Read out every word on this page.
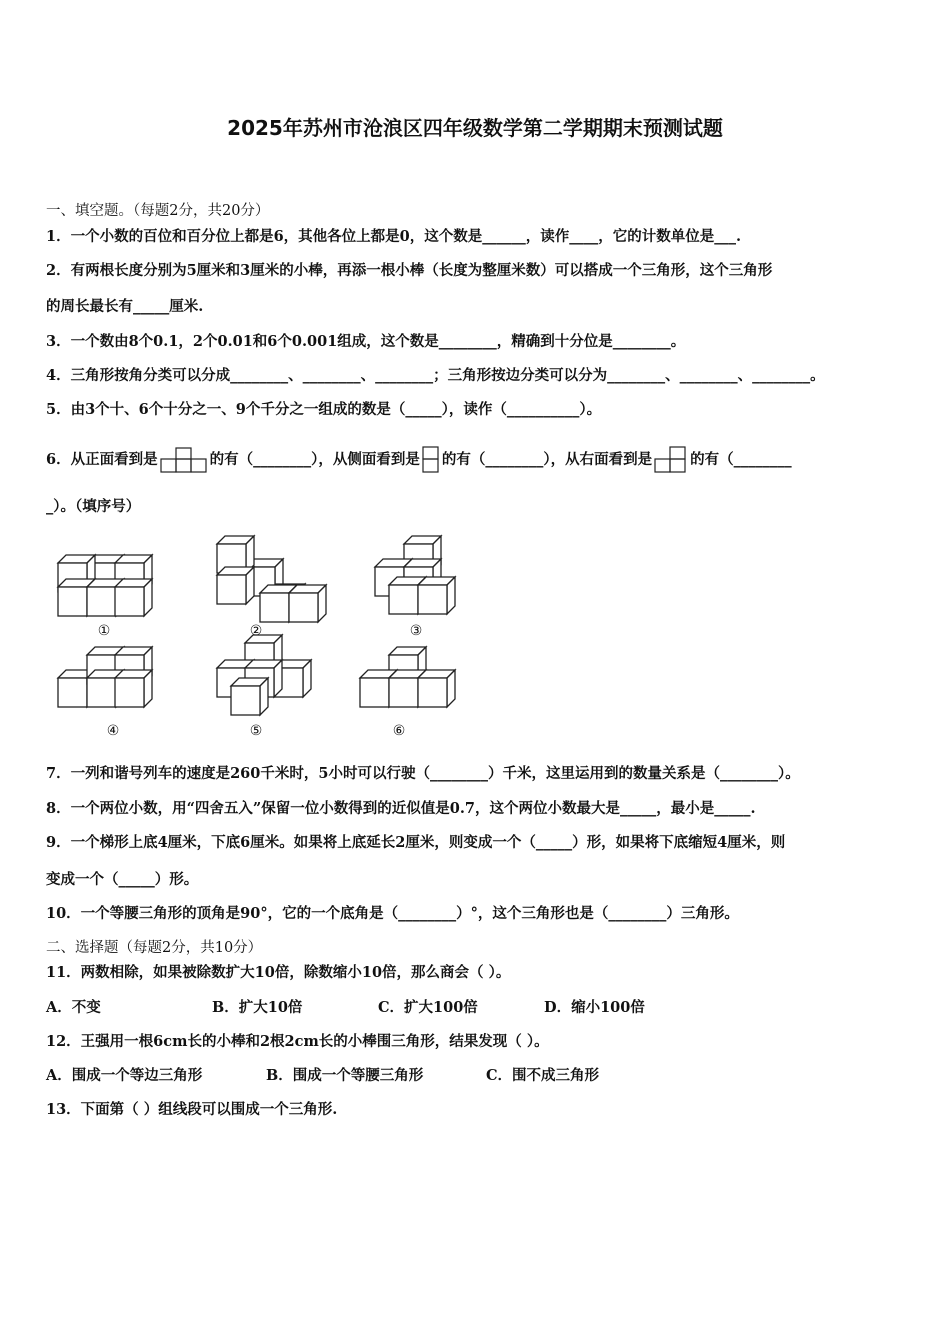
2025年苏州市沧浪区四年级数学第二学期期末预测试题
一、填空题。（每题2分，共20分）
1．一个小数的百位和百分位上都是6，其他各位上都是0，这个数是______，读作____，它的计数单位是___.
2．有两根长度分别为5厘米和3厘米的小棒，再添一根小棒（长度为整厘米数）可以搭成一个三角形，这个三角形
的周长最长有_____厘米.
3．一个数由8个0.1，2个0.01和6个0.001组成，这个数是________，精确到十分位是________。
4．三角形按角分类可以分成________、________、________；三角形按边分类可以分为________、________、________。
5．由3个十、6个十分之一、9个千分之一组成的数是（_____），读作（__________）。
6．从正面看到是	的有（________），从侧面看到是 的有（________），从右面看到是	的有（________
_）。（填序号）
①	②	③
④	⑤	⑥
7．一列和谐号列车的速度是260千米时，5小时可以行驶（________）千米，这里运用到的数量关系是（________）。
8．一个两位小数，用“四舍五入”保留一位小数得到的近似值是0.7，这个两位小数最大是_____，最小是_____.
9．一个梯形上底4厘米，下底6厘米。如果将上底延长2厘米，则变成一个（_____）形，如果将下底缩短4厘米，则
变成一个（_____）形。
10．一个等腰三角形的顶角是90°，它的一个底角是（________）°，这个三角形也是（________）三角形。
二、选择题（每题2分，共10分）
11．两数相除，如果被除数扩大10倍，除数缩小10倍，那么商会（ ）。
A．不变	B．扩大10倍	C．扩大100倍	D．缩小100倍
12．王强用一根6cm长的小棒和2根2cm长的小棒围三角形，结果发现（ ）。
A．围成一个等边三角形	B．围成一个等腰三角形	C．围不成三角形
13．下面第（ ）组线段可以围成一个三角形.
